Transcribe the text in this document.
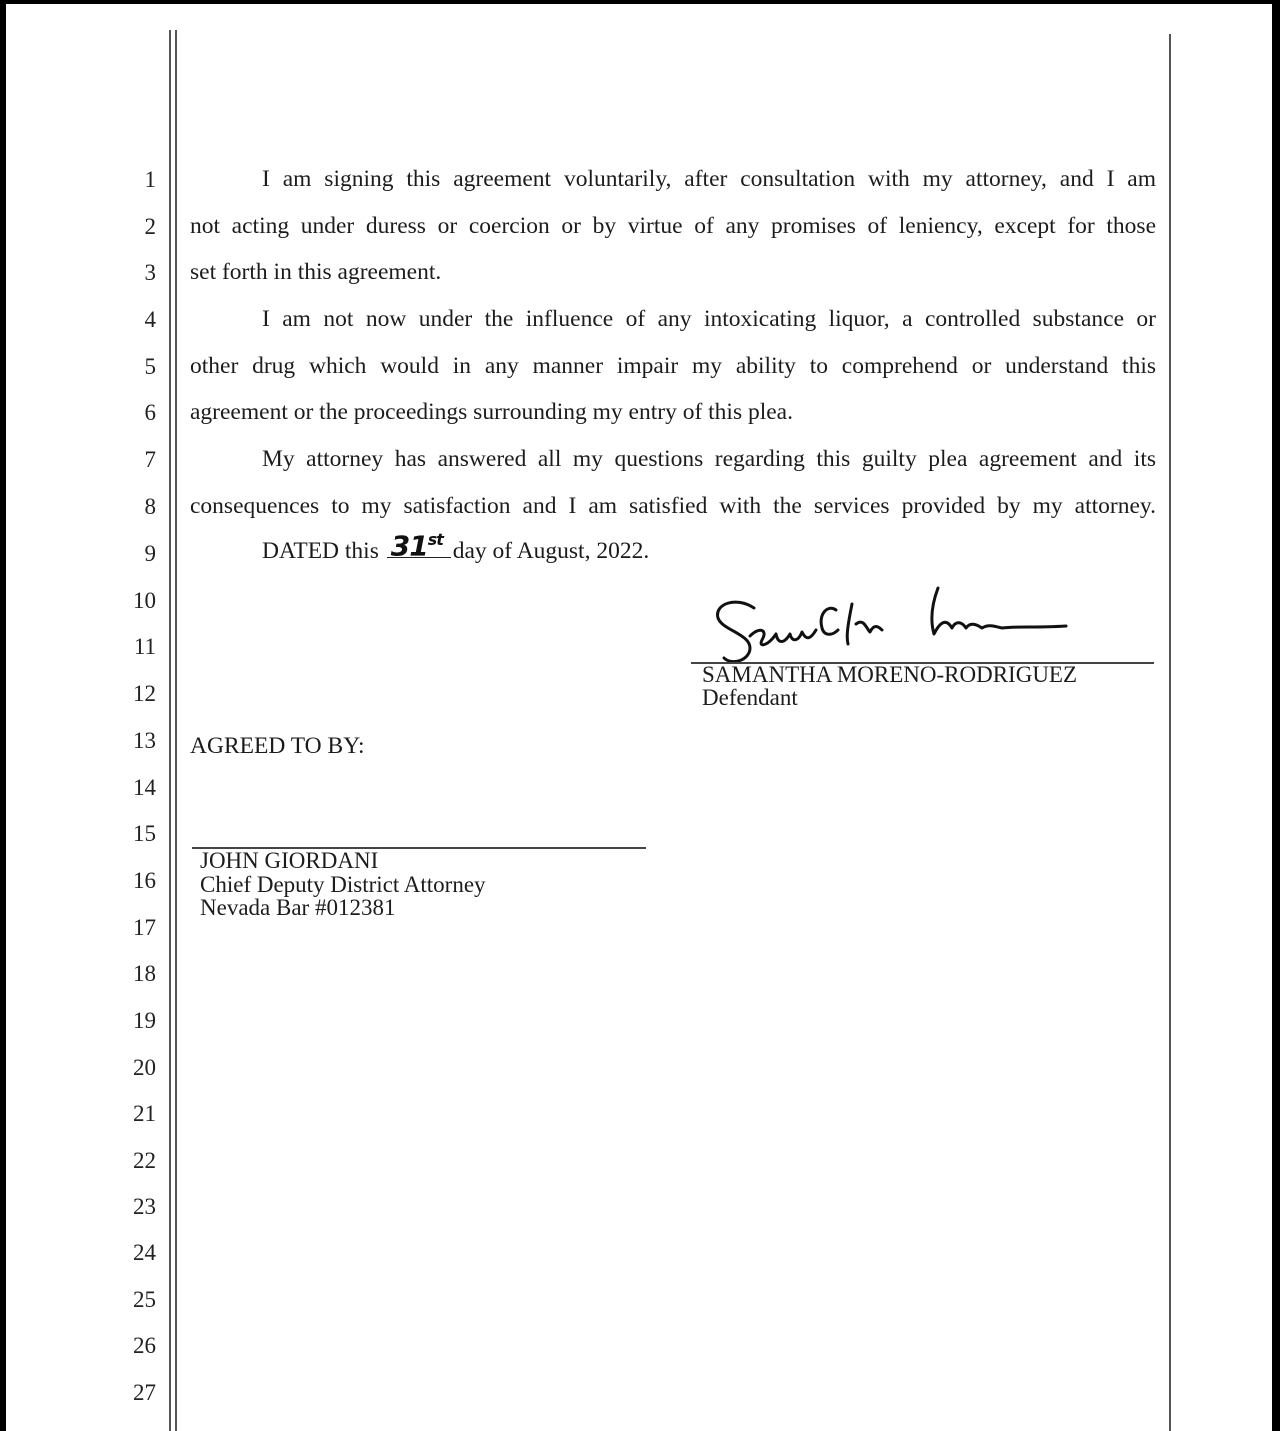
1
2
3
4
5
6
7
8
9
10
11
12
13
14
15
16
17
18
19
20
21
22
23
24
25
26
27
I am signing this agreement voluntarily, after consultation with my attorney, and I am
not acting under duress or coercion or by virtue of any promises of leniency, except for those
set forth in this agreement.
I am not now under the influence of any intoxicating liquor, a controlled substance or
other drug which would in any manner impair my ability to comprehend or understand this
agreement or the proceedings surrounding my entry of this plea.
My attorney has answered all my questions regarding this guilty plea agreement and its
consequences to my satisfaction and I am satisfied with the services provided by my attorney.
DATED this 31st day of August, 2022.
SAMANTHA MORENO-RODRIGUEZ
Defendant
AGREED TO BY:
JOHN GIORDANI
Chief Deputy District Attorney
Nevada Bar #012381
